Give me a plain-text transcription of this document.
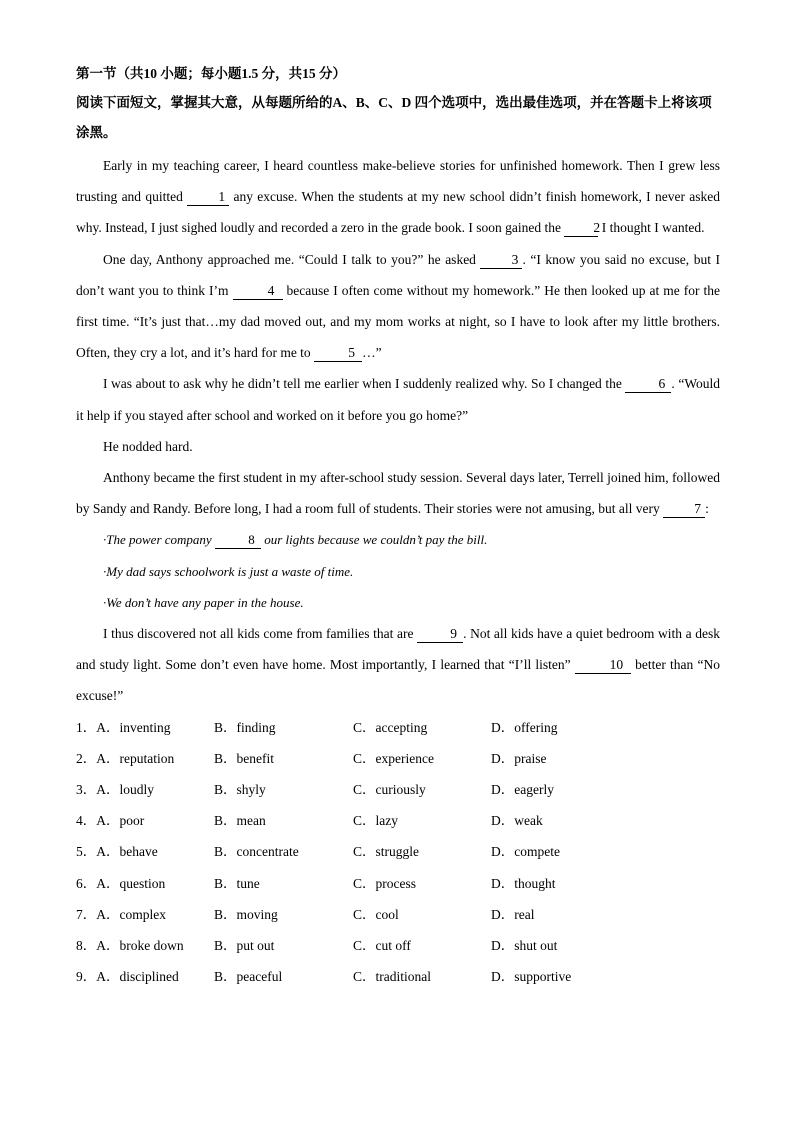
第一节（共10 小题；每小题1.5 分，共15 分）
阅读下面短文，掌握其大意，从每题所给的A、B、C、D 四个选项中，选出最佳选项，并在答题卡上将该项涂黑。

Early in my teaching career, I heard countless make-believe stories for unfinished homework. Then I grew less trusting and quitted 1 any excuse. When the students at my new school didn’t finish homework, I never asked why. Instead, I just sighed loudly and recorded a zero in the grade book. I soon gained the 2 I thought I wanted.

One day, Anthony approached me. “Could I talk to you?” he asked 3 . “I know you said no excuse, but I don’t want you to think I’m	4 because I often come without my homework.” He then looked up at me for the first time. “It’s just that…my dad moved out, and my mom works at night, so I have to look after my little brothers. Often, they cry a lot, and it’s hard for me to	5 …”

I was about to ask why he didn’t tell me earlier when I suddenly realized why. So I changed the 6 . “Would it help if you stayed after school and worked on it before you go home?”

He nodded hard.

Anthony became the first student in my after-school study session. Several days later, Terrell joined him, followed by Sandy and Randy. Before long, I had a room full of students. Their stories were not amusing, but all very 7 :

·The power company	8 our lights because we couldn’t pay the bill.

·My dad says schoolwork is just a waste of time.

·We don’t have any paper in the house.

I thus discovered not all kids come from families that are 9 . Not all kids have a quiet bedroom with a desk and study light. Some don’t even have home. Most importantly, I learned that “I’ll listen”	10 better than “No excuse!”

1．A．inventing	B．finding	C．accepting	D．offering
2．A．reputation	B．benefit	C．experience	D．praise
3．A．loudly	B．shyly	C．curiously	D．eagerly
4．A．poor	B．mean	C．lazy	D．weak
5．A．behave	B．concentrate	C．struggle	D．compete
6．A．question	B．tune	C．process	D．thought
7．A．complex	B．moving	C．cool	D．real
8．A．broke down	B．put out	C．cut off	D．shut out
9．A．disciplined	B．peaceful	C．traditional	D．supportive
